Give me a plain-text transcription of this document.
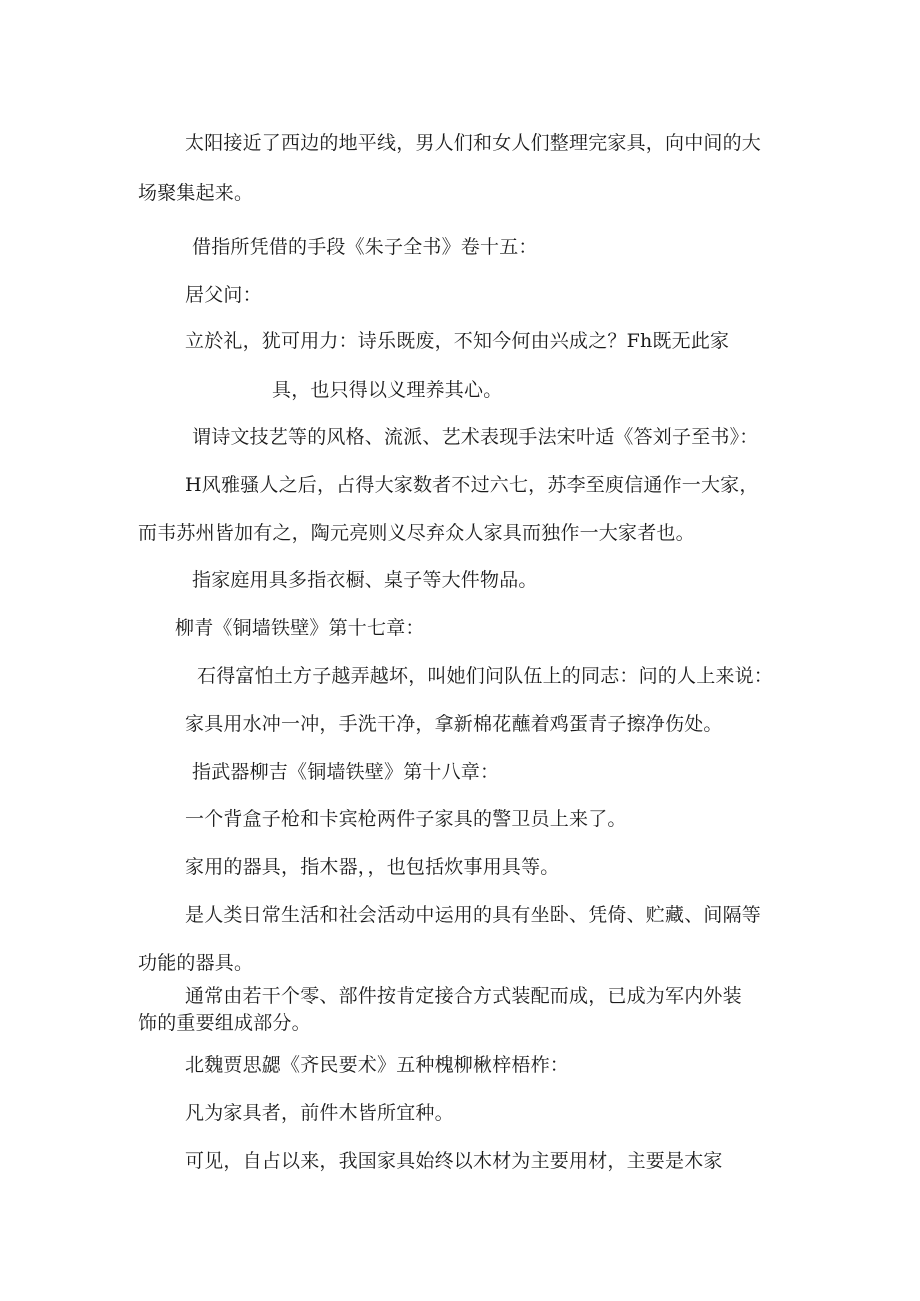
太阳接近了西边的地平线，男人们和女人们整理完家具，向中间的大
场聚集起来。
借指所凭借的手段《朱子全书》卷十五：
居父问：
立於礼，犹可用力：诗乐既废，不知今何由兴成之？Fh既无此家
具，也只得以义理养其心。
谓诗文技艺等的风格、流派、艺术表现手法宋叶适《答刘子至书》：
H风雅骚人之后，占得大家数者不过六七，苏李至庾信通作一大家，
而韦苏州皆加有之，陶元亮则义尽弃众人家具而独作一大家者也。
指家庭用具多指衣橱、桌子等大件物品。
柳青《铜墙铁壁》第十七章：
石得富怕土方子越弄越坏，叫她们问队伍上的同志：问的人上来说：
家具用水冲一冲，手洗干净，拿新棉花蘸着鸡蛋青子擦净伤处。
指武器柳吉《铜墙铁壁》第十八章：
一个背盒子枪和卡宾枪两件子家具的警卫员上来了。
家用的器具，指木器，，也包括炊事用具等。
是人类日常生活和社会活动中运用的具有坐卧、凭倚、贮藏、间隔等
功能的器具。
通常由若干个零、部件按肯定接合方式装配而成，已成为军内外装
饰的重要组成部分。
北魏贾思勰《齐民要术》五种槐柳楸梓梧柞：
凡为家具者，前件木皆所宜种。
可见，自占以来，我国家具始终以木材为主要用材，主要是木家
